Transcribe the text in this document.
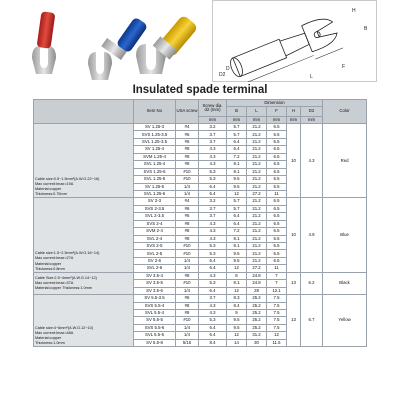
D
D2
F
L
B
H
Insulated spade terminal
	Item No	USA screw	Screw dia.
d2 (mm)	Dimension					Color
				B	L	F	H	D2	
			mm	mm	mm	mm	mm	mm	

Cable size:0.5~1.5mm²(A.W.G.22~16)
Max current:Imax=19A
Material:copper
Thickness:0.75mm	SV 1.25-3	#4	3.2	5.7	21.2	6.5	10	4.3	Red
	SVS 1.25-3.5	#6	3.7	5.7	21.2	6.5			
	SVL 1.25-3.5	#6	3.7	6.4	21.2	6.5			
	SV 1.25-4	#8	4.3	6.4	21.2	6.5			
	SVM 1.25-4	#8	4.3	7.2	21.2	6.5			
	SVL 1.25-4	#8	4.3	8.1	21.2	6.5			
	SVS 1.25-5	#10	5.3	8.1	21.2	6.5			
	SVL 1.25-5	#10	5.3	9.5	21.2	6.5			
	SV 1.25-6	1/4	6.4	9.5	21.2	6.5			
	SVL 1.25-6	1/4	6.4	12	27.2	11			

Cable size:1.5~2.5mm²(A.W.G.16~14)
Max current:Imax=27A
Material:copper
Thickness:0.8mm	SV 2-3	#4	3.2	5.7	21.2	6.5	10	4.9	Blue
	SVS 2-3.5	#6	3.7	5.7	21.2	6.5			
	SVL 2-3.5	#6	3.7	6.4	21.2	6.5			
	SVS 2-4	#8	4.3	6.4	21.2	6.5			
	SVM 2-4	#8	4.3	7.2	21.2	6.5			
	SVL 2-4	#8	4.3	8.1	21.2	6.5			
	SVS 2-5	#10	5.3	8.1	21.2	6.5			
	SVL 2-5	#10	5.3	9.5	21.2	6.5			
	SV 2-6	1/4	6.4	9.5	21.2	6.5			
	SVL 2-6	1/4	6.4	12	27.2	11			

Cable Size:2.5~4mm²(A.W.G.14~12)
Max current:Imax=37A
Material:copper Thickness:1.0mm	SV 3.5-4	#8	4.3	8	24.8	7	13	6.2	Black
	SV 3.5-5	#10	5.3	8.1	24.8	7			
	SV 3.5-6	1/4	6.4	12	28	12.1			

Cable size:4~6mm²(A.W.G.12~10)
Max current:Imax=48A
Material:copper
Thickness:1.0mm	SV 5.5-3.5	#6	3.7	8.3	25.2	7.5	13	6.7	Yellow
	SVS 5.5-4	#8	4.3	8.4	25.2	7.5			
	SVL 5.5-4	#8	4.3	9	25.2	7.5			
	SV 5.5-5	#10	5.3	9.5	25.2	7.5			
	SVS 5.5-6	1/4	6.4	9.5	25.2	7.5			
	SVL 5.5-6	1/4	6.4	12	31.2	12			
	SV 5.5-8	5/16	8.4	14	30	11.5			
